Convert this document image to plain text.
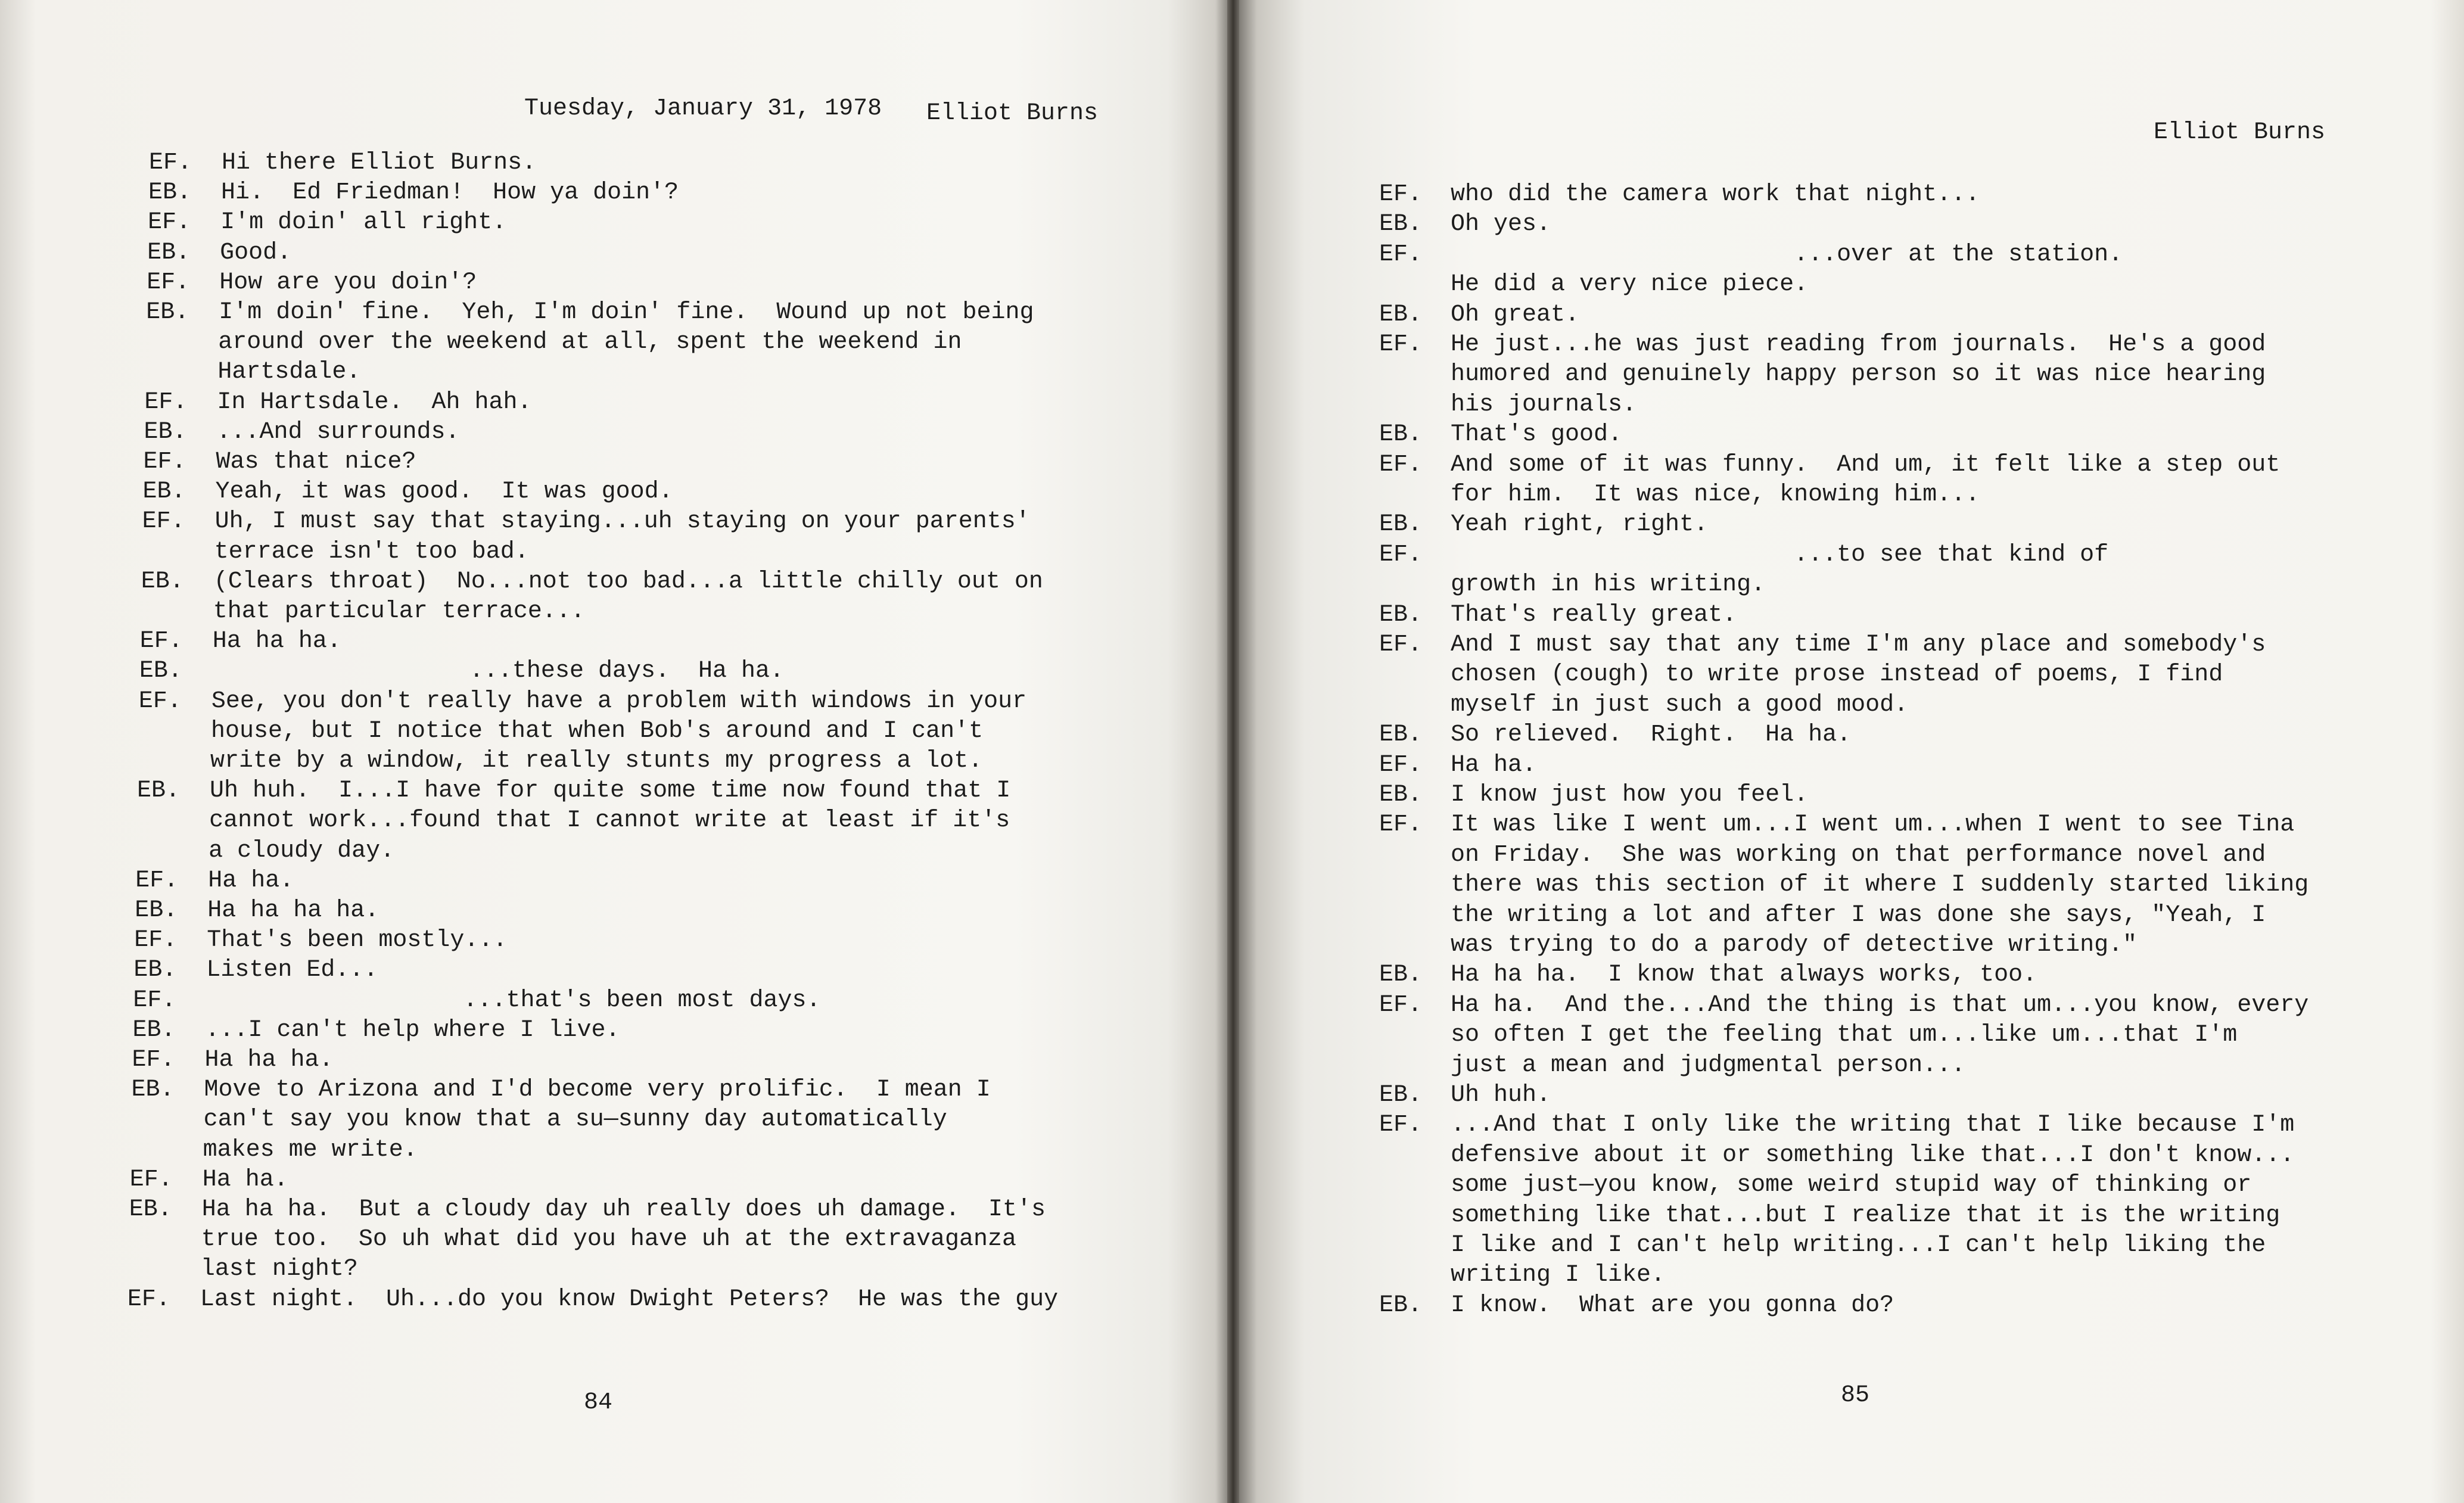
Tuesday, January 31, 1978 Elliot Burns
EF. Hi there Elliot Burns.
EB. Hi.  Ed Friedman!  How ya doin'?
EF. I'm doin' all right.
EB. Good.
EF. How are you doin'?
EB. I'm doin' fine.  Yeh, I'm doin' fine.  Wound up not being
around over the weekend at all, spent the weekend in
Hartsdale.
EF. In Hartsdale.  Ah hah.
EB. ...And surrounds.
EF. Was that nice?
EB. Yeah, it was good.  It was good.
EF. Uh, I must say that staying...uh staying on your parents'
terrace isn't too bad.
EB. (Clears throat)  No...not too bad...a little chilly out on
that particular terrace...
EF. Ha ha ha.
EB. ...these days.  Ha ha.
EF. See, you don't really have a problem with windows in your
house, but I notice that when Bob's around and I can't
write by a window, it really stunts my progress a lot.
EB. Uh huh.  I...I have for quite some time now found that I
cannot work...found that I cannot write at least if it's
a cloudy day.
EF. Ha ha.
EB. Ha ha ha ha.
EF. That's been mostly...
EB. Listen Ed...
EF. ...that's been most days.
EB. ...I can't help where I live.
EF. Ha ha ha.
EB. Move to Arizona and I'd become very prolific.  I mean I
can't say you know that a su—sunny day automatically
makes me write.
EF. Ha ha.
EB. Ha ha ha.  But a cloudy day uh really does uh damage.  It's
true too.  So uh what did you have uh at the extravaganza
last night?
EF. Last night.  Uh...do you know Dwight Peters?  He was the guy
84
Elliot Burns
EF. who did the camera work that night...
EB. Oh yes.
EF. ...over at the station.
He did a very nice piece.
EB. Oh great.
EF. He just...he was just reading from journals.  He's a good
humored and genuinely happy person so it was nice hearing
his journals.
EB. That's good.
EF. And some of it was funny.  And um, it felt like a step out
for him.  It was nice, knowing him...
EB. Yeah right, right.
EF. ...to see that kind of
growth in his writing.
EB. That's really great.
EF. And I must say that any time I'm any place and somebody's
chosen (cough) to write prose instead of poems, I find
myself in just such a good mood.
EB. So relieved.  Right.  Ha ha.
EF. Ha ha.
EB. I know just how you feel.
EF. It was like I went um...I went um...when I went to see Tina
on Friday.  She was working on that performance novel and
there was this section of it where I suddenly started liking
the writing a lot and after I was done she says, "Yeah, I
was trying to do a parody of detective writing."
EB. Ha ha ha.  I know that always works, too.
EF. Ha ha.  And the...And the thing is that um...you know, every
so often I get the feeling that um...like um...that I'm
just a mean and judgmental person...
EB. Uh huh.
EF. ...And that I only like the writing that I like because I'm
defensive about it or something like that...I don't know...
some just—you know, some weird stupid way of thinking or
something like that...but I realize that it is the writing
I like and I can't help writing...I can't help liking the
writing I like.
EB. I know.  What are you gonna do?
85
